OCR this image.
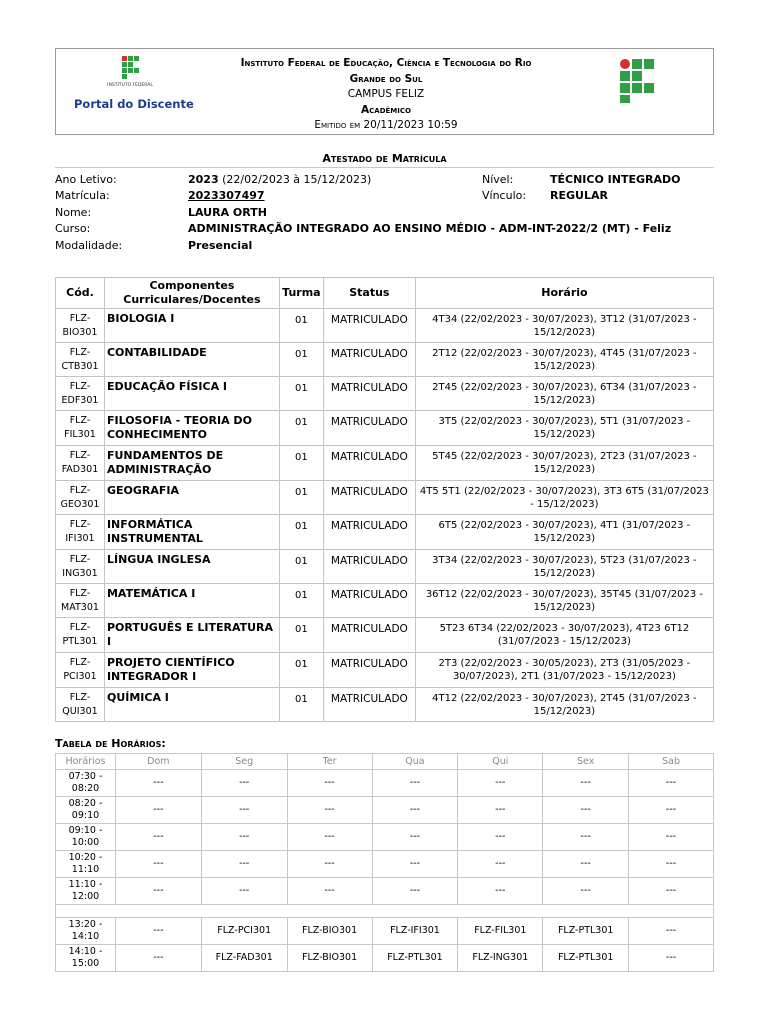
INSTITUTO FEDERAL
Portal do Discente
Instituto Federal de Educação, Ciência e Tecnologia do Rio
Grande do Sul
CAMPUS FELIZ
Acadêmico
Emitido em 20/11/2023 10:59
Atestado de Matrícula
Ano Letivo:	2023 (22/02/2023 à 15/12/2023)	Nível:	TÉCNICO INTEGRADO
Matrícula:	2023307497	Vínculo: REGULAR
Nome:	LAURA ORTH
Curso:	ADMINISTRAÇÃO INTEGRADO AO ENSINO MÉDIO - ADM-INT-2022/2 (MT) - Feliz
Modalidade:	Presencial
Cód.	Componentes Curriculares/Docentes	Turma	Status	Horário

FLZ-
BIO301	BIOLOGIA I	01	MATRICULADO	4T34 (22/02/2023 - 30/07/2023), 3T12 (31/07/2023 - 15/12/2023)

FLZ-
CTB301	CONTABILIDADE	01	MATRICULADO	2T12 (22/02/2023 - 30/07/2023), 4T45 (31/07/2023 - 15/12/2023)

FLZ-
EDF301	EDUCAÇÃO FÍSICA I	01	MATRICULADO	2T45 (22/02/2023 - 30/07/2023), 6T34 (31/07/2023 - 15/12/2023)

FLZ-
FIL301	FILOSOFIA - TEORIA DO CONHECIMENTO	01	MATRICULADO	3T5 (22/02/2023 - 30/07/2023), 5T1 (31/07/2023 - 15/12/2023)

FLZ-
FAD301	FUNDAMENTOS DE ADMINISTRAÇÃO	01	MATRICULADO	5T45 (22/02/2023 - 30/07/2023), 2T23 (31/07/2023 - 15/12/2023)

FLZ-
GEO301	GEOGRAFIA	01	MATRICULADO	4T5 5T1 (22/02/2023 - 30/07/2023), 3T3 6T5 (31/07/2023 - 15/12/2023)

FLZ-
IFI301	INFORMÁTICA INSTRUMENTAL	01	MATRICULADO	6T5 (22/02/2023 - 30/07/2023), 4T1 (31/07/2023 - 15/12/2023)

FLZ-
ING301	LÍNGUA INGLESA	01	MATRICULADO	3T34 (22/02/2023 - 30/07/2023), 5T23 (31/07/2023 - 15/12/2023)

FLZ-
MAT301	MATEMÁTICA I	01	MATRICULADO	36T12 (22/02/2023 - 30/07/2023), 35T45 (31/07/2023 - 15/12/2023)

FLZ-
PTL301	PORTUGUÊS E LITERATURA I	01	MATRICULADO	5T23 6T34 (22/02/2023 - 30/07/2023), 4T23 6T12 (31/07/2023 - 15/12/2023)

FLZ-
PCI301	PROJETO CIENTÍFICO INTEGRADOR I	01	MATRICULADO	2T3 (22/02/2023 - 30/05/2023), 2T3 (31/05/2023 - 30/07/2023), 2T1 (31/07/2023 - 15/12/2023)

FLZ-
QUI301	QUÍMICA I	01	MATRICULADO	4T12 (22/02/2023 - 30/07/2023), 2T45 (31/07/2023 - 15/12/2023)
Tabela de Horários:
Horários	Dom	Seg	Ter	Qua	Qui	Sex	Sab

07:30 -
08:20	---	---	---	---	---	---	---

08:20 -
09:10	---	---	---	---	---	---	---

09:10 -
10:00	---	---	---	---	---	---	---

10:20 -
11:10	---	---	---	---	---	---	---

11:10 -
12:00	---	---	---	---	---	---	---

13:20 -
14:10	---	FLZ-PCI301	FLZ-BIO301	FLZ-IFI301	FLZ-FIL301	FLZ-PTL301	---

14:10 -
15:00	---	FLZ-FAD301	FLZ-BIO301	FLZ-PTL301	FLZ-ING301	FLZ-PTL301	---
